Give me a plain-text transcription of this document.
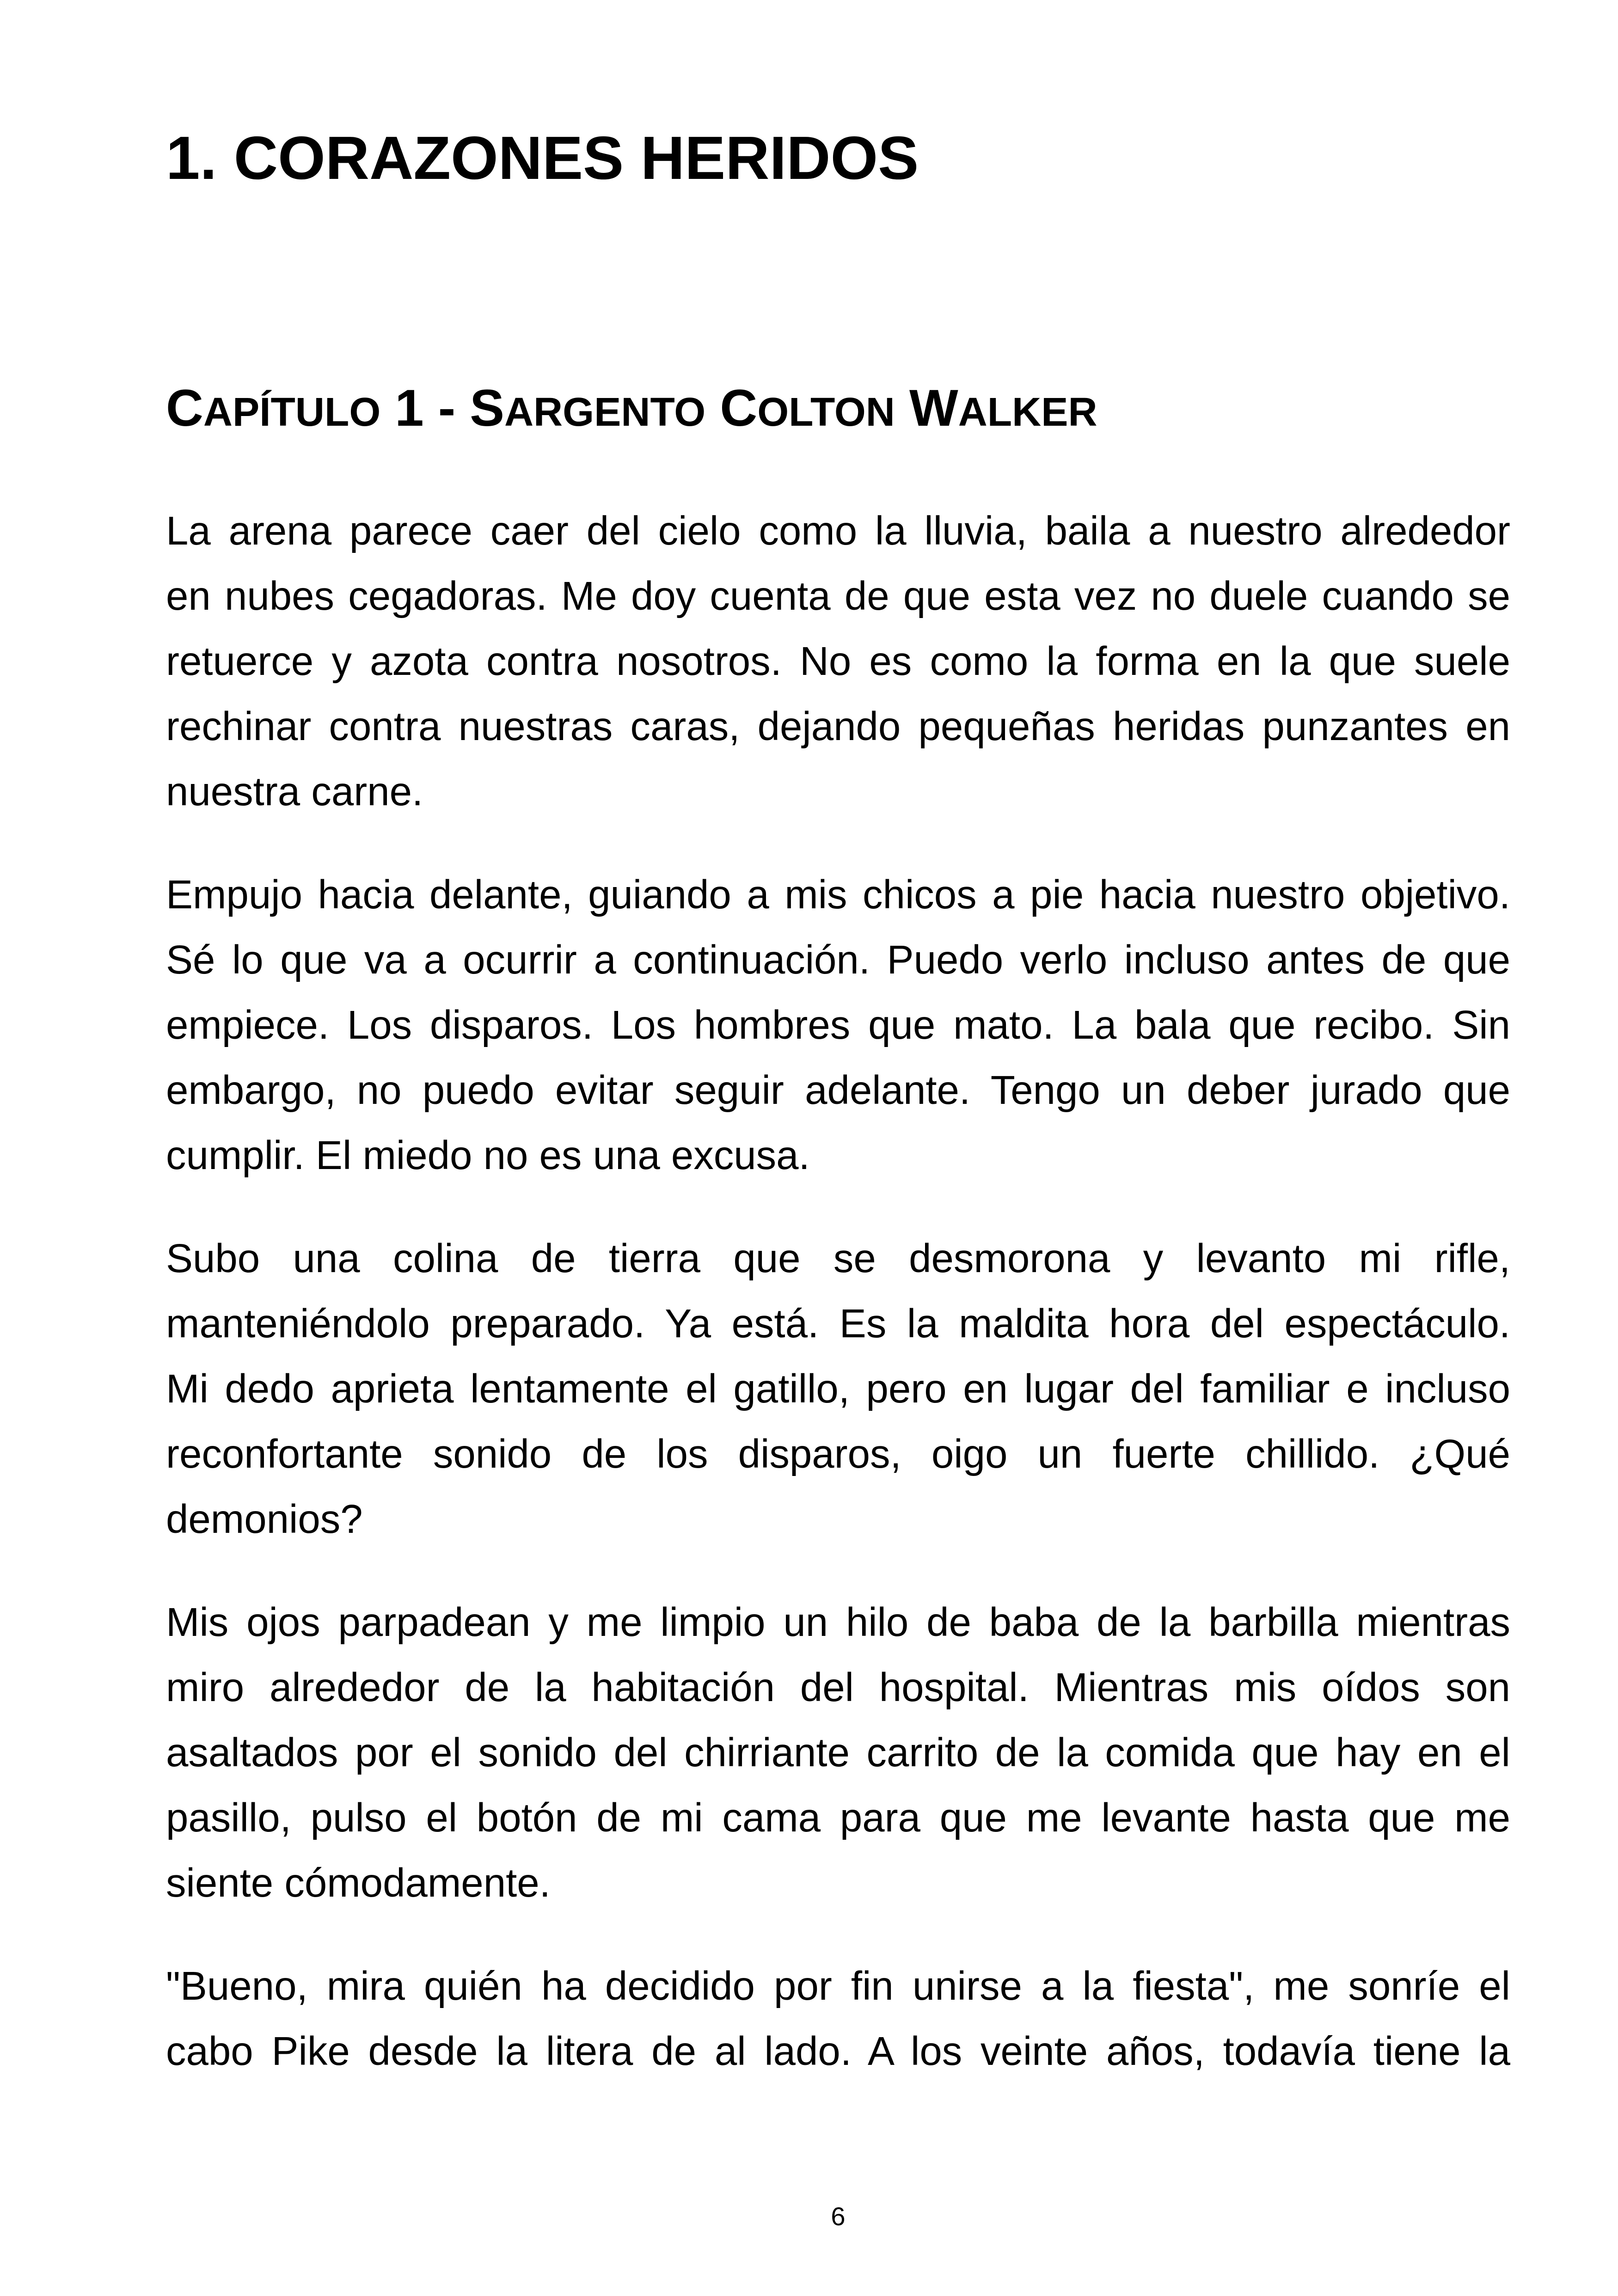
1. CORAZONES HERIDOS
CAPÍTULO 1 - SARGENTO COLTON WALKER
La arena parece caer del cielo como la lluvia, baila a nuestro alrededor
en nubes cegadoras. Me doy cuenta de que esta vez no duele cuando se
retuerce y azota contra nosotros. No es como la forma en la que suele
rechinar contra nuestras caras, dejando pequeñas heridas punzantes en
nuestra carne.
Empujo hacia delante, guiando a mis chicos a pie hacia nuestro objetivo.
Sé lo que va a ocurrir a continuación. Puedo verlo incluso antes de que
empiece. Los disparos. Los hombres que mato. La bala que recibo. Sin
embargo, no puedo evitar seguir adelante. Tengo un deber jurado que
cumplir. El miedo no es una excusa.
Subo una colina de tierra que se desmorona y levanto mi rifle,
manteniéndolo preparado. Ya está. Es la maldita hora del espectáculo.
Mi dedo aprieta lentamente el gatillo, pero en lugar del familiar e incluso
reconfortante sonido de los disparos, oigo un fuerte chillido. ¿Qué
demonios?
Mis ojos parpadean y me limpio un hilo de baba de la barbilla mientras
miro alrededor de la habitación del hospital. Mientras mis oídos son
asaltados por el sonido del chirriante carrito de la comida que hay en el
pasillo, pulso el botón de mi cama para que me levante hasta que me
siente cómodamente.
"Bueno, mira quién ha decidido por fin unirse a la fiesta", me sonríe el
cabo Pike desde la litera de al lado. A los veinte años, todavía tiene la
6
